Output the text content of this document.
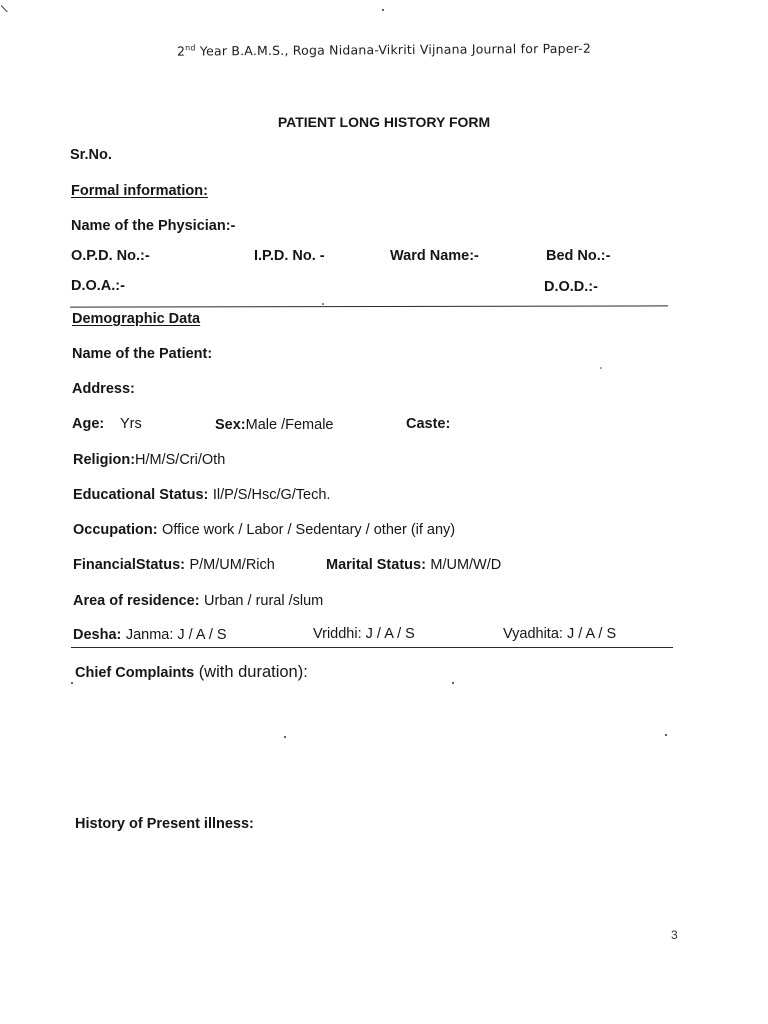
2nd Year B.A.M.S., Roga Nidana-Vikriti Vijnana Journal for Paper-2
PATIENT LONG HISTORY FORM
Sr.No.
Formal information:
Name of the Physician:-
O.P.D. No.:-	I.P.D. No. -	Ward Name:-	Bed No.:-
D.O.A.:-	D.O.D.:-
Demographic Data
Name of the Patient:
Address:
Age: Yrs	Sex:Male /Female	Caste:
Religion:H/M/S/Cri/Oth
Educational Status: Il/P/S/Hsc/G/Tech.
Occupation: Office work / Labor / Sedentary / other (if any)
FinancialStatus: P/M/UM/Rich	Marital Status: M/UM/W/D
Area of residence: Urban / rural /slum
Desha: Janma: J / A / S	Vriddhi: J / A / S	Vyadhita: J / A / S
Chief Complaints (with duration):
History of Present illness:
3
